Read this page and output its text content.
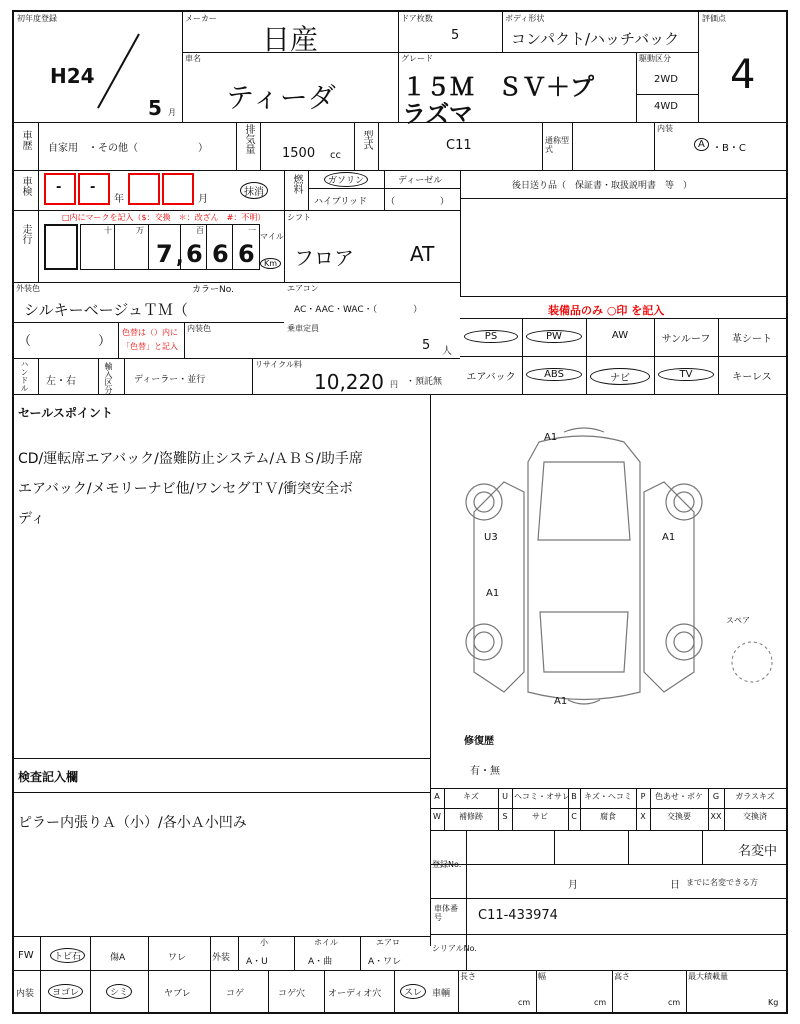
初年度登録
H24
5 月
メーカー
日産
ドア枚数
5
ボディ形状
コンパクト/ハッチバック
評価点
4
車名
ティーダ
グレード
１５Ｍ　ＳＶ＋プ
ラズマ
駆動区分
2WD
4WD
車歴 自家用　・その他（　　　　　　）	排気量 1500 cc
型式	C11	通称型式
内装
A ・B・C
車検 - -
年	月
抹消	燃料	ガソリン	ディーゼル
ハイブリッド （　　　　　）
後日送り品（　保証書・取扱説明書　等　）
走行
□内にマークを記入（$：交換　＊：改ざん　#：不明）
十	万	百	一
7 , 6 6 6
マイル
Km
シフト
フロア	AT
外装色
シルキーベージュＴＭ（
カラーNo.	エアコン
AC・AAC・WAC・（　　　　）	装備品のみ ○印 を記入
（	）
色替は（）内に
「色替」と記入
内装色	乗車定員
5 人
ハンドル 左・右	輸入区分 ディーラー・並行
リサイクル料
10,220 円 ・預託無
セールスポイント
CD/運転席エアバック/盗難防止システム/ＡＢＳ/助手席
エアバック/メモリーナビ他/ワンセグＴＶ/衝突安全ボ
ディ
A1
U3
A1
A1
A1
スペア
修復歴
有・無
検査記入欄
ピラー内張りＡ（小）/各小Ａ小凹み
登録No.
名変中
月	日 までに名変できる方
車体番号	C11-433974
シリアルNo.
FW	トビ石	傷A	ワレ	外装
小
A・U
ホイル
A・曲
エアロ
A・ワレ
内装	ヨゴレ	シミ	ヤブレ	コゲ	コゲ穴	オーディオ穴	スレ	車輌
長さ
cm
幅
cm
高さ
cm
最大積載量
Kg
PS	PW	AW	サンルーフ	革シート
エアバック	ABS	ナビ	TV	キーレス
A	キズ	U ヘコミ・オサレ B キズ・ヘコミ	P	色あせ・ボケ	G	ガラスキズ
W	補修跡	S	サビ	C	腐食	X	交換要	XX	交換済
